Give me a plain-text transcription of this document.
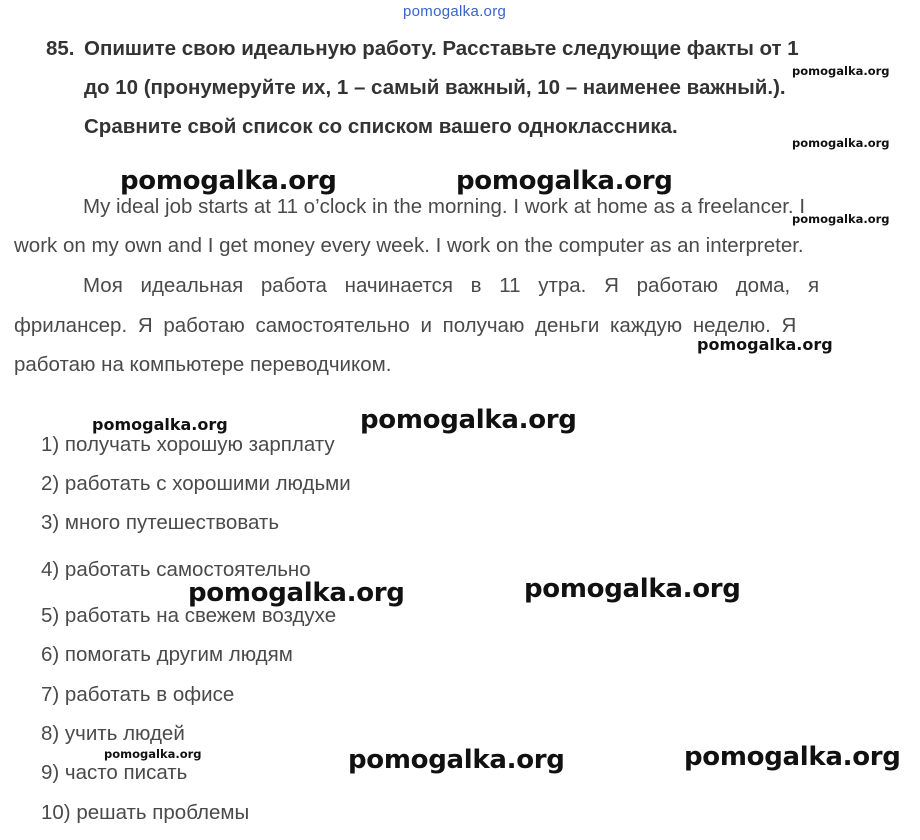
pomogalka.org
85. Опишите свою идеальную работу. Расставьте следующие факты от 1
до 10 (пронумеруйте их, 1 – самый важный, 10 – наименее важный.).
Сравните свой список со списком вашего одноклассника.
My ideal job starts at 11 o’clock in the morning. I work at home as a freelancer. I
work on my own and I get money every week. I work on the computer as an interpreter.
Моя идеальная работа начинается в 11 утра. Я работаю дома, я
фрилансер. Я работаю самостоятельно и получаю деньги каждую неделю. Я
работаю на компьютере переводчиком.
1) получать хорошую зарплату
2) работать с хорошими людьми
3) много путешествовать
4) работать самостоятельно
5) работать на свежем воздухе
6) помогать другим людям
7) работать в офисе
8) учить людей
9) часто писать
10) решать проблемы
pomogalka.org
pomogalka.org
pomogalka.org	pomogalka.org
pomogalka.org
pomogalka.org
pomogalka.org	pomogalka.org
pomogalka.org
pomogalka.org
pomogalka.org	pomogalka.org	pomogalka.org
